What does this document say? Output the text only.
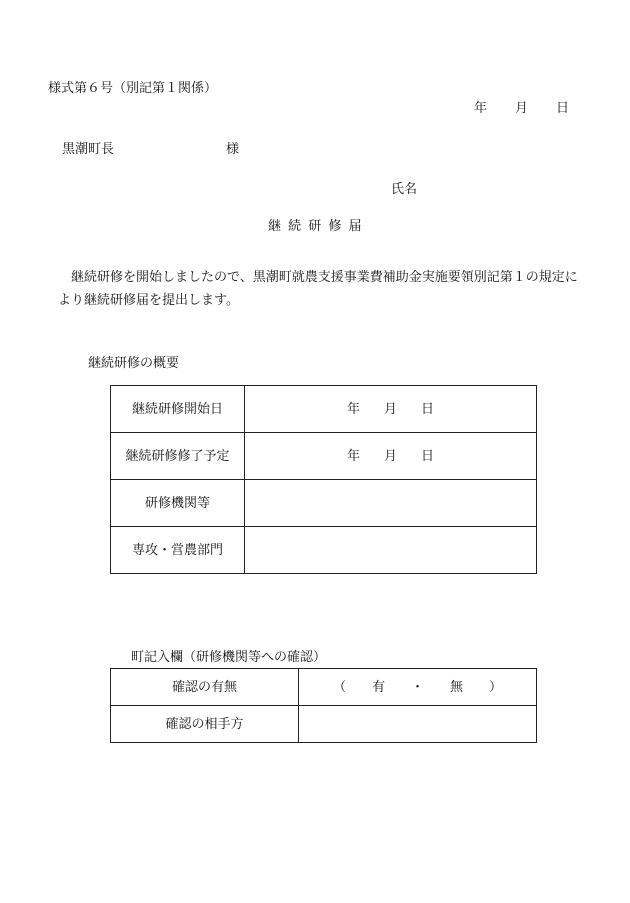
様式第６号（別記第１関係）
年 月 日
黒潮町長	様
氏名
継続研修届
継続研修を開始しましたので、黒潮町就農支援事業費補助金実施要領別記第１の規定により継続研修届を提出します。
継続研修の概要
継続研修開始日	年 月 日
継続研修修了予定	年 月 日
研修機関等	
専攻・営農部門	
町記入欄（研修機関等への確認）
確認の有無	（　　有　　・　　無　　）
確認の相手方	
